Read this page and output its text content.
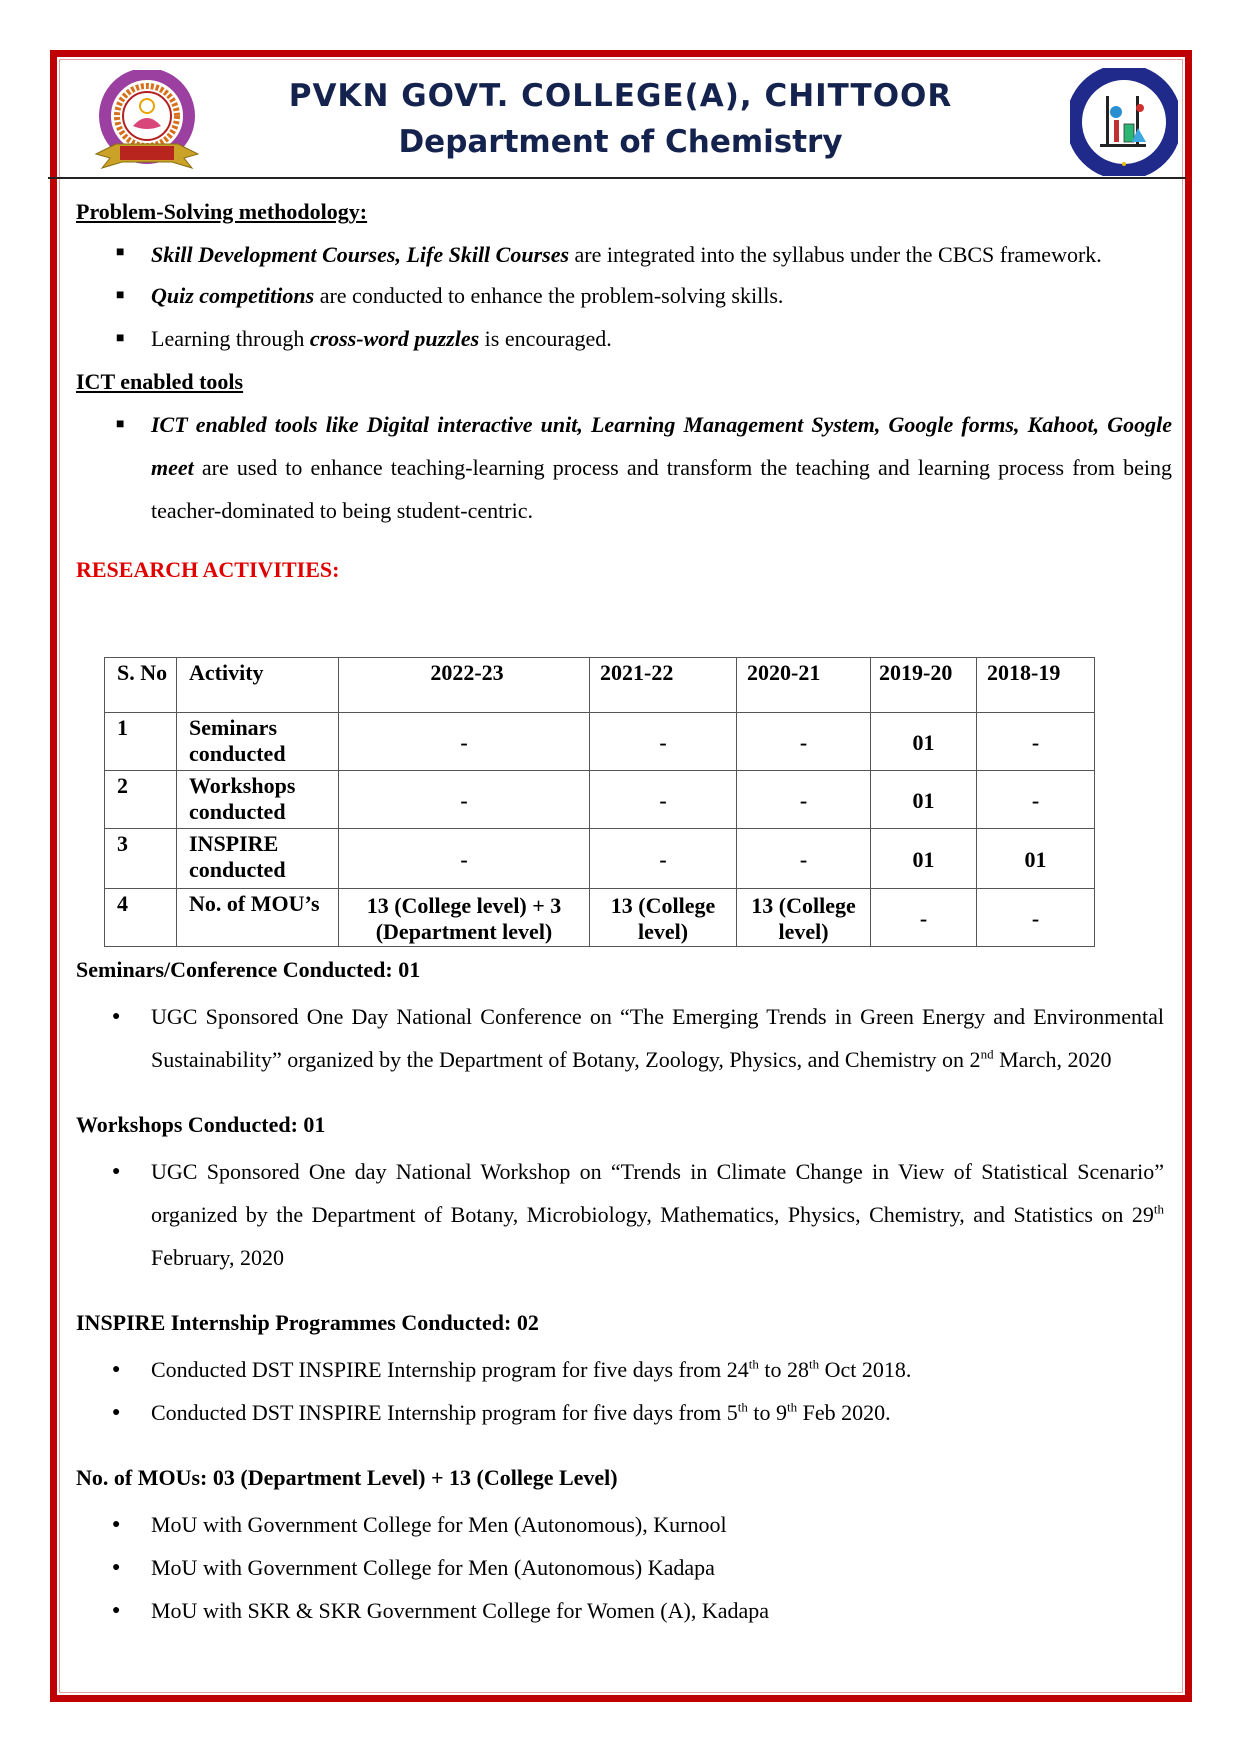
PVKN GOVT. COLLEGE(A), CHITTOOR
Department of Chemistry

Problem-Solving methodology:

■ Skill Development Courses, Life Skill Courses are integrated into the syllabus under the CBCS framework.
■ Quiz competitions are conducted to enhance the problem-solving skills.
■ Learning through cross-word puzzles is encouraged.

ICT enabled tools

■ ICT enabled tools like Digital interactive unit, Learning Management System, Google forms, Kahoot, Google meet are used to enhance teaching-learning process and transform the teaching and learning process from being teacher-dominated to being student-centric.

RESEARCH ACTIVITIES:

S. No	Activity	2022-23	2021-22	2020-21	2019-20	2018-19
1	Seminars conducted	-	-	-	01	-
2	Workshops conducted	-	-	-	01	-
3	INSPIRE conducted	-	-	-	01	01
4	No. of MOU’s	13 (College level) + 3 (Department level)	13 (College level)	13 (College level)	-	-

Seminars/Conference Conducted: 01

● UGC Sponsored One Day National Conference on “The Emerging Trends in Green Energy and Environmental Sustainability” organized by the Department of Botany, Zoology, Physics, and Chemistry on 2nd March, 2020

Workshops Conducted: 01

● UGC Sponsored One day National Workshop on “Trends in Climate Change in View of Statistical Scenario” organized by the Department of Botany, Microbiology, Mathematics, Physics, Chemistry, and Statistics on 29th February, 2020

INSPIRE Internship Programmes Conducted: 02

● Conducted DST INSPIRE Internship program for five days from 24th to 28th Oct 2018.
● Conducted DST INSPIRE Internship program for five days from 5th to 9th Feb 2020.

No. of MOUs: 03 (Department Level) + 13 (College Level)

● MoU with Government College for Men (Autonomous), Kurnool
● MoU with Government College for Men (Autonomous) Kadapa
● MoU with SKR & SKR Government College for Women (A), Kadapa
